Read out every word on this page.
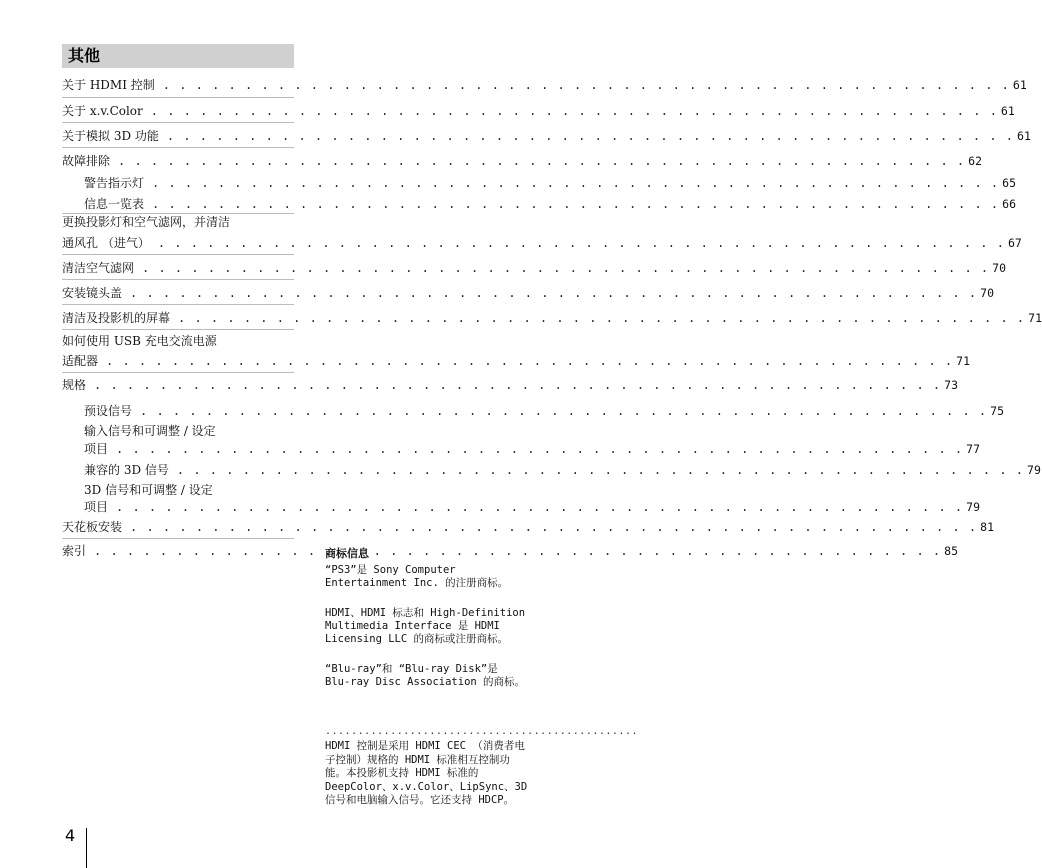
其他
关于 HDMI 控制 . . .	61
关于 x.v.Color . . .	61
关于模拟 3D 功能 . . .	61
故障排除 . . .	62
警告指示灯 . . .	65
信息一览表 . . .	66
更换投影灯和空气滤网，并清洁
通风孔 （进气） . . .	67
清洁空气滤网 . . .	70
安装镜头盖 . . .	70
清洁及投影机的屏幕 . . .	71
如何使用 USB 充电交流电源
适配器 . . .	71
规格 . . .	73
预设信号 . . .	75
输入信号和可调整 / 设定
项目 . . .	77
兼容的 3D 信号 . . .	79
3D 信号和可调整 / 设定
项目 . . .	79
天花板安装 . . .	81
索引 . . .	85
商标信息
“PS3”是 Sony Computer
Entertainment Inc. 的注册商标。
HDMI、HDMI 标志和 High-Definition
Multimedia Interface 是 HDMI
Licensing LLC 的商标或注册商标。
“Blu-ray”和 “Blu-ray Disk”是
Blu-ray Disc Association 的商标。
................................................
HDMI 控制是采用 HDMI CEC （消费者电
子控制）规格的 HDMI 标准相互控制功
能。本投影机支持 HDMI 标准的
DeepColor、x.v.Color、LipSync、3D
信号和电脑输入信号。它还支持 HDCP。
4
